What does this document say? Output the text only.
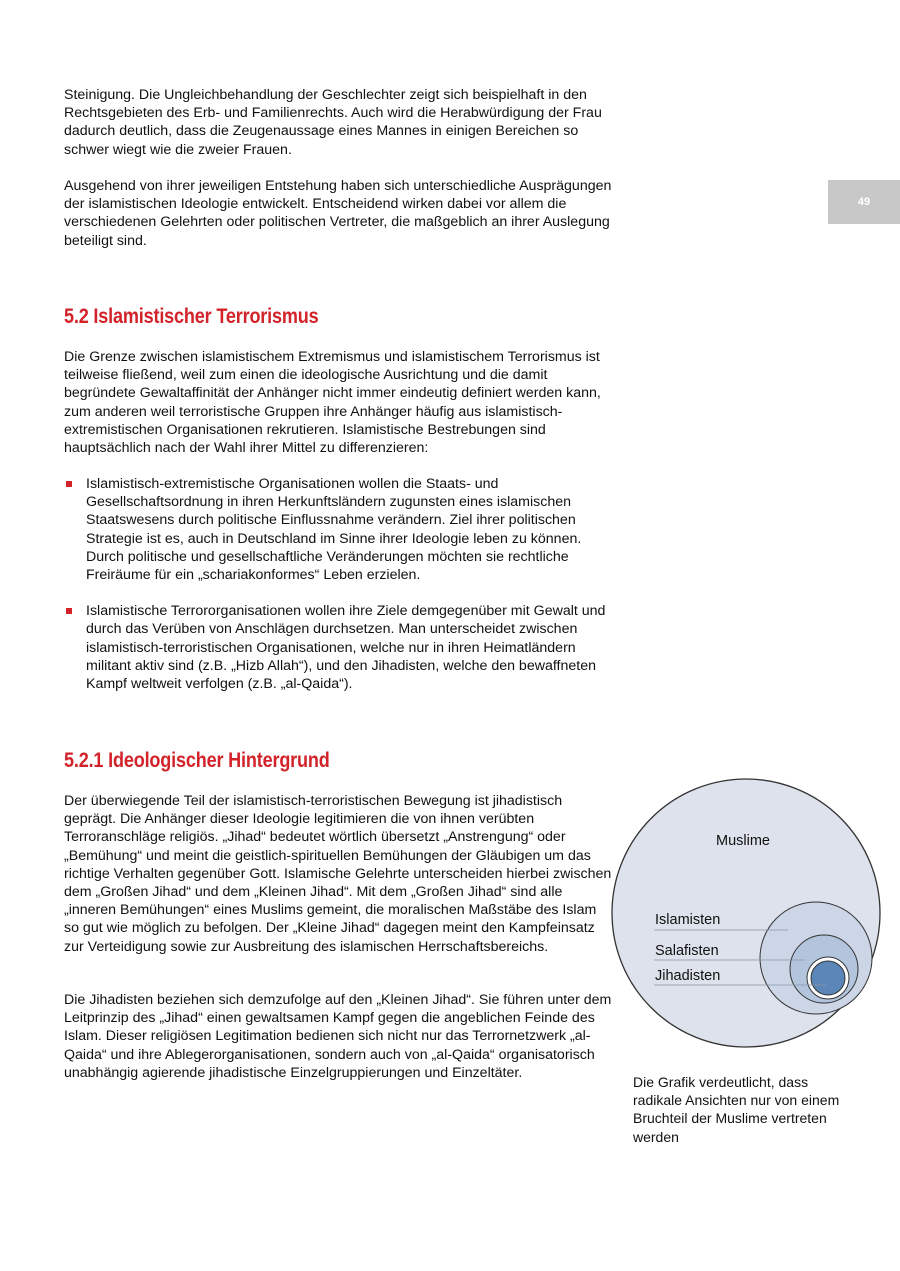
49

Steinigung. Die Ungleichbehandlung der Geschlechter zeigt sich beispielhaft in den Rechtsgebieten des Erb- und Familienrechts. Auch wird die Herabwürdigung der Frau dadurch deutlich, dass die Zeugenaussage eines Mannes in einigen Bereichen so schwer wiegt wie die zweier Frauen.

Ausgehend von ihrer jeweiligen Entstehung haben sich unterschiedliche Ausprägungen der islamistischen Ideologie entwickelt. Entscheidend wirken dabei vor allem die verschiedenen Gelehrten oder politischen Vertreter, die maßgeblich an ihrer Auslegung beteiligt sind.

5.2 Islamistischer Terrorismus

Die Grenze zwischen islamistischem Extremismus und islamistischem Terrorismus ist teilweise fließend, weil zum einen die ideologische Ausrichtung und die damit begründete Gewaltaffinität der Anhänger nicht immer eindeutig definiert werden kann, zum anderen weil terroristische Gruppen ihre Anhänger häufig aus islamistisch-extremistischen Organisationen rekrutieren. Islamistische Bestrebungen sind hauptsächlich nach der Wahl ihrer Mittel zu differenzieren:

Islamistisch-extremistische Organisationen wollen die Staats- und Gesellschaftsordnung in ihren Herkunftsländern zugunsten eines islamischen Staatswesens durch politische Einflussnahme verändern. Ziel ihrer politischen Strategie ist es, auch in Deutschland im Sinne ihrer Ideologie leben zu können. Durch politische und gesellschaftliche Veränderungen möchten sie rechtliche Freiräume für ein „schariakonformes“ Leben erzielen.
Islamistische Terrororganisationen wollen ihre Ziele demgegenüber mit Gewalt und durch das Verüben von Anschlägen durchsetzen. Man unterscheidet zwischen islamistisch-terroristischen Organisationen, welche nur in ihren Heimatländern militant aktiv sind (z.B. „Hizb Allah“), und den Jihadisten, welche den bewaffneten Kampf weltweit verfolgen (z.B. „al-Qaida“).
5.2.1 Ideologischer Hintergrund

Der überwiegende Teil der islamistisch-terroristischen Bewegung ist jihadistisch geprägt. Die Anhänger dieser Ideologie legitimieren die von ihnen verübten Terroranschläge religiös. „Jihad“ bedeutet wörtlich übersetzt „Anstrengung“ oder „Bemühung“ und meint die geistlich-spirituellen Bemühungen der Gläubigen um das richtige Verhalten gegenüber Gott. Islamische Gelehrte unterscheiden hierbei zwischen dem „Großen Jihad“ und dem „Kleinen Jihad“. Mit dem „Großen Jihad“ sind alle „inneren Bemühungen“ eines Muslims gemeint, die moralischen Maßstäbe des Islam so gut wie möglich zu befolgen. Der „Kleine Jihad“ dagegen meint den Kampfeinsatz zur Verteidigung sowie zur Ausbreitung des islamischen Herrschaftsbereichs.

Die Jihadisten beziehen sich demzufolge auf den „Kleinen Jihad“. Sie führen unter dem Leitprinzip des „Jihad“ einen gewaltsamen Kampf gegen die angeblichen Feinde des Islam. Dieser religiösen Legitimation bedienen sich nicht nur das Terrornetzwerk „al-Qaida“ und ihre Ablegerorganisationen, sondern auch von „al-Qaida“ organisatorisch unabhängig agierende jihadistische Einzelgruppierungen und Einzeltäter.

Muslime
Islamisten
Salafisten
Jihadisten

Die Grafik verdeutlicht, dass radikale Ansichten nur von einem Bruchteil der Muslime vertreten werden
